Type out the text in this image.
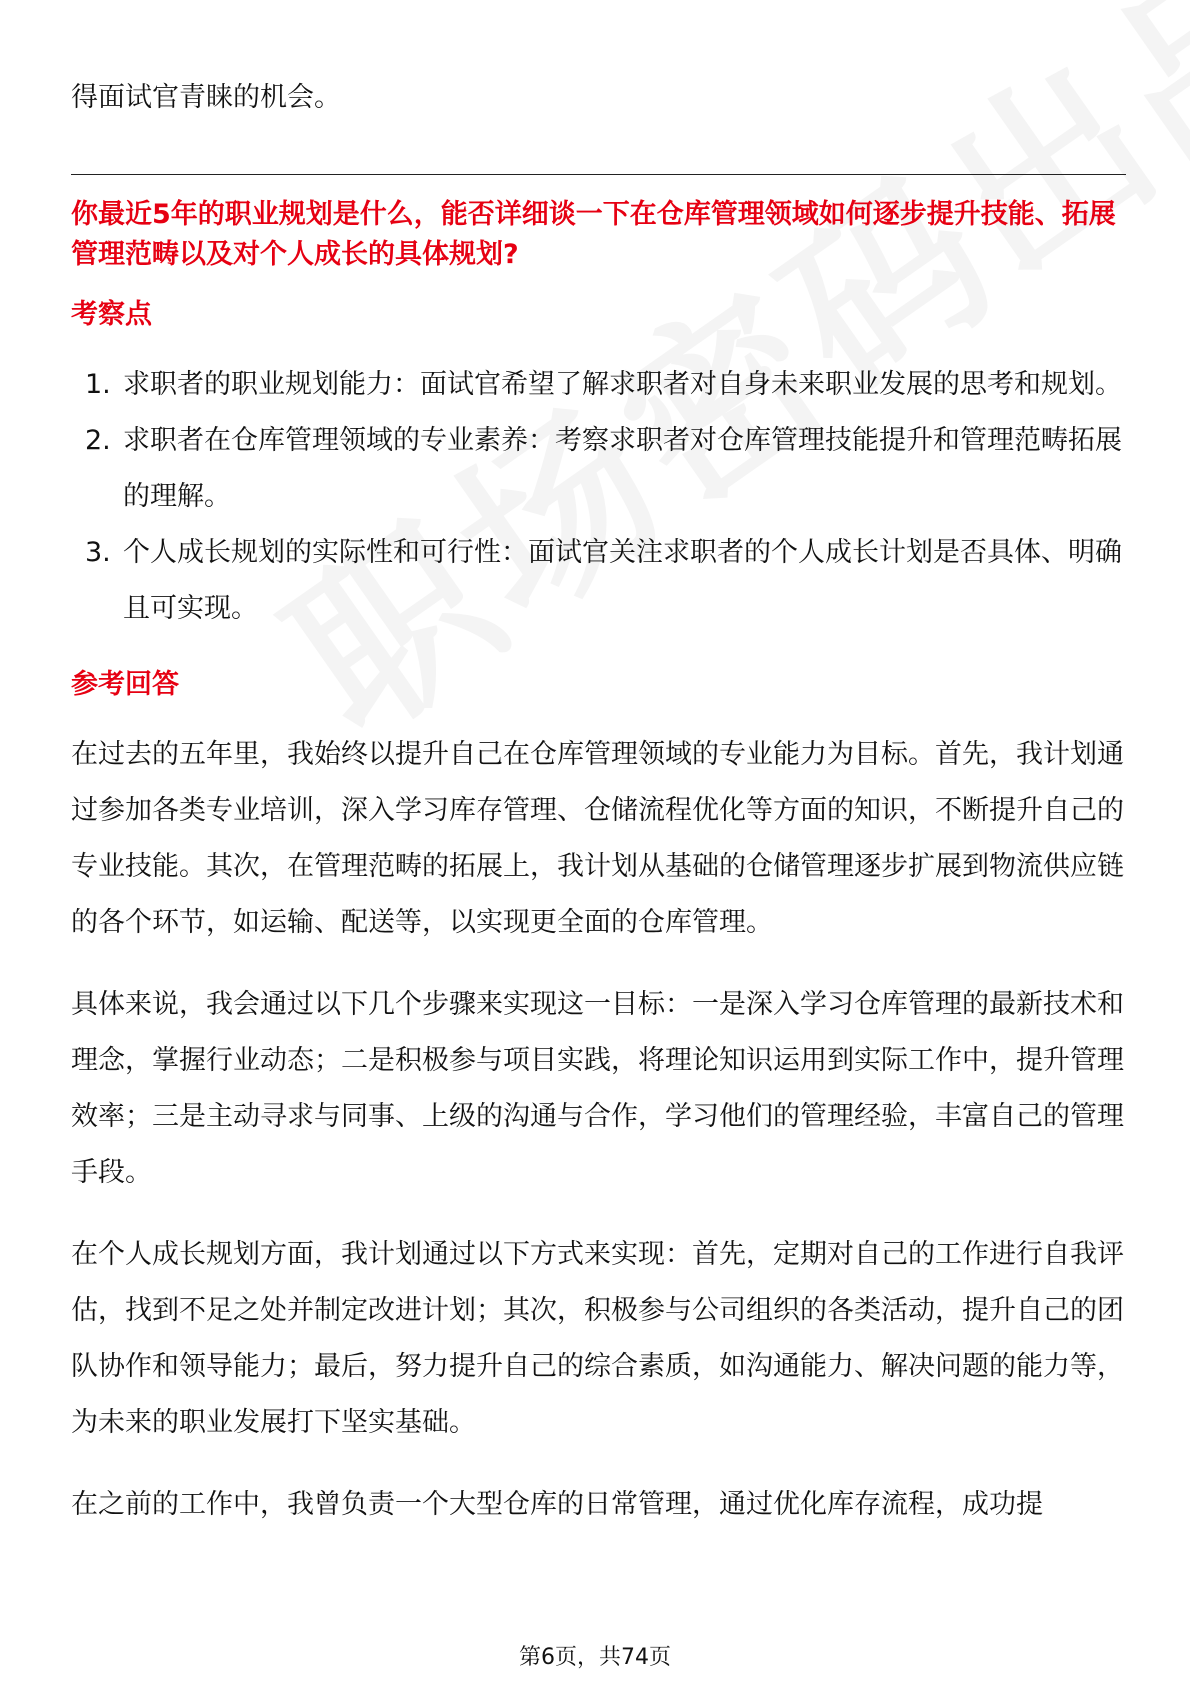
得面试官青睐的机会。

你最近5年的职业规划是什么，能否详细谈一下在仓库管理领域如何逐步提升技能、拓展管理范畴以及对个人成长的具体规划?
考察点
1. 求职者的职业规划能力：面试官希望了解求职者对自身未来职业发展的思考和规划。
2. 求职者在仓库管理领域的专业素养：考察求职者对仓库管理技能提升和管理范畴拓展的理解。
3. 个人成长规划的实际性和可行性：面试官关注求职者的个人成长计划是否具体、明确且可实现。
参考回答

在过去的五年里，我始终以提升自己在仓库管理领域的专业能力为目标。首先，我计划通过参加各类专业培训，深入学习库存管理、仓储流程优化等方面的知识，不断提升自己的专业技能。其次，在管理范畴的拓展上，我计划从基础的仓储管理逐步扩展到物流供应链的各个环节，如运输、配送等，以实现更全面的仓库管理。

具体来说，我会通过以下几个步骤来实现这一目标：一是深入学习仓库管理的最新技术和理念，掌握行业动态；二是积极参与项目实践，将理论知识运用到实际工作中，提升管理效率；三是主动寻求与同事、上级的沟通与合作，学习他们的管理经验，丰富自己的管理手段。

在个人成长规划方面，我计划通过以下方式来实现：首先，定期对自己的工作进行自我评估，找到不足之处并制定改进计划；其次，积极参与公司组织的各类活动，提升自己的团队协作和领导能力；最后，努力提升自己的综合素质，如沟通能力、解决问题的能力等，为未来的职业发展打下坚实基础。

在之前的工作中，我曾负责一个大型仓库的日常管理，通过优化库存流程，成功提

第6页，共74页
